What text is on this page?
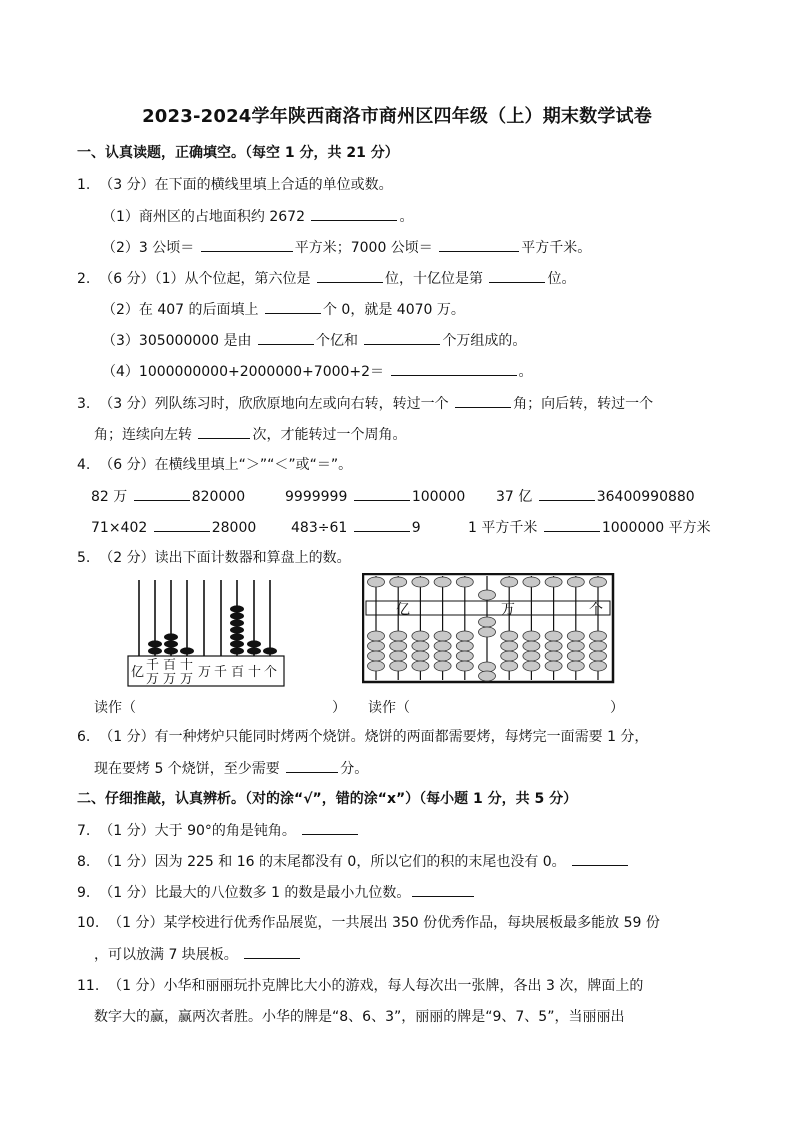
2023-2024学年陕西商洛市商州区四年级（上）期末数学试卷
一、认真读题，正确填空。（每空 1 分，共 21 分）
1. （3 分）在下面的横线里填上合适的单位或数。
（1）商州区的占地面积约 2672	。
（2）3 公顷＝	平方米；7000 公顷＝	平方千米。
2. （6 分）（1）从个位起，第六位是	位，十亿位是第	位。
（2）在 407 的后面填上	个 0，就是 4070 万。
（3）305000000 是由	个亿和	个万组成的。
（4）1000000000+2000000+7000+2＝	。
3. （3 分）列队练习时，欣欣原地向左或向右转，转过一个	角；向后转，转过一个
角；连续向左转	次，才能转过一个周角。
4. （6 分）在横线里填上“＞”“＜”或“＝”。
82 万	820000	9999999	100000 37 亿	36400990880
71×402	28000 483÷61	9	1 平方千米	1000000 平方米
5. （2 分）读出下面计数器和算盘上的数。
亿 千
万
百
万
十
万 万 千 百 十 个
亿	万	个
读作（	） 读作（	）
6. （1 分）有一种烤炉只能同时烤两个烧饼。烧饼的两面都需要烤，每烤完一面需要 1 分，
现在要烤 5 个烧饼，至少需要	分。
二、仔细推敲，认真辨析。（对的涂“√”，错的涂“x”）（每小题 1 分，共 5 分）
7. （1 分）大于 90°的角是钝角。
8. （1 分）因为 225 和 16 的末尾都没有 0，所以它们的积的末尾也没有 0。
9. （1 分）比最大的八位数多 1 的数是最小九位数。
10. （1 分）某学校进行优秀作品展览，一共展出 350 份优秀作品，每块展板最多能放 59 份
，可以放满 7 块展板。
11. （1 分）小华和丽丽玩扑克牌比大小的游戏，每人每次出一张牌，各出 3 次，牌面上的
数字大的赢，赢两次者胜。小华的牌是“8、6、3”，丽丽的牌是“9、7、5”，当丽丽出
